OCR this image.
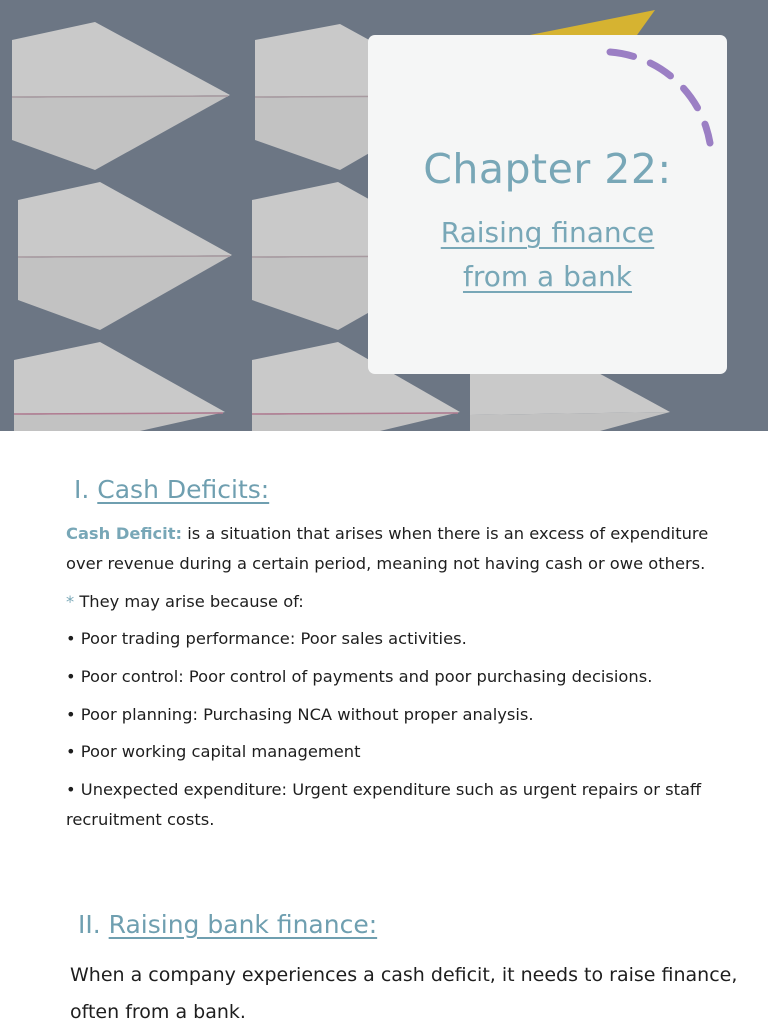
Chapter 22:
Raising finance
from a bank
I. Cash Deficits:
Cash Deficit: is a situation that arises when there is an excess of expenditure over revenue during a certain period, meaning not having cash or owe others.
* They may arise because of:
• Poor trading performance: Poor sales activities.
• Poor control: Poor control of payments and poor purchasing decisions.
• Poor planning: Purchasing NCA without proper analysis.
• Poor working capital management
• Unexpected expenditure: Urgent expenditure such as urgent repairs or staff recruitment costs.
II. Raising bank finance:
When a company experiences a cash deficit, it needs to raise finance, often from a bank.
